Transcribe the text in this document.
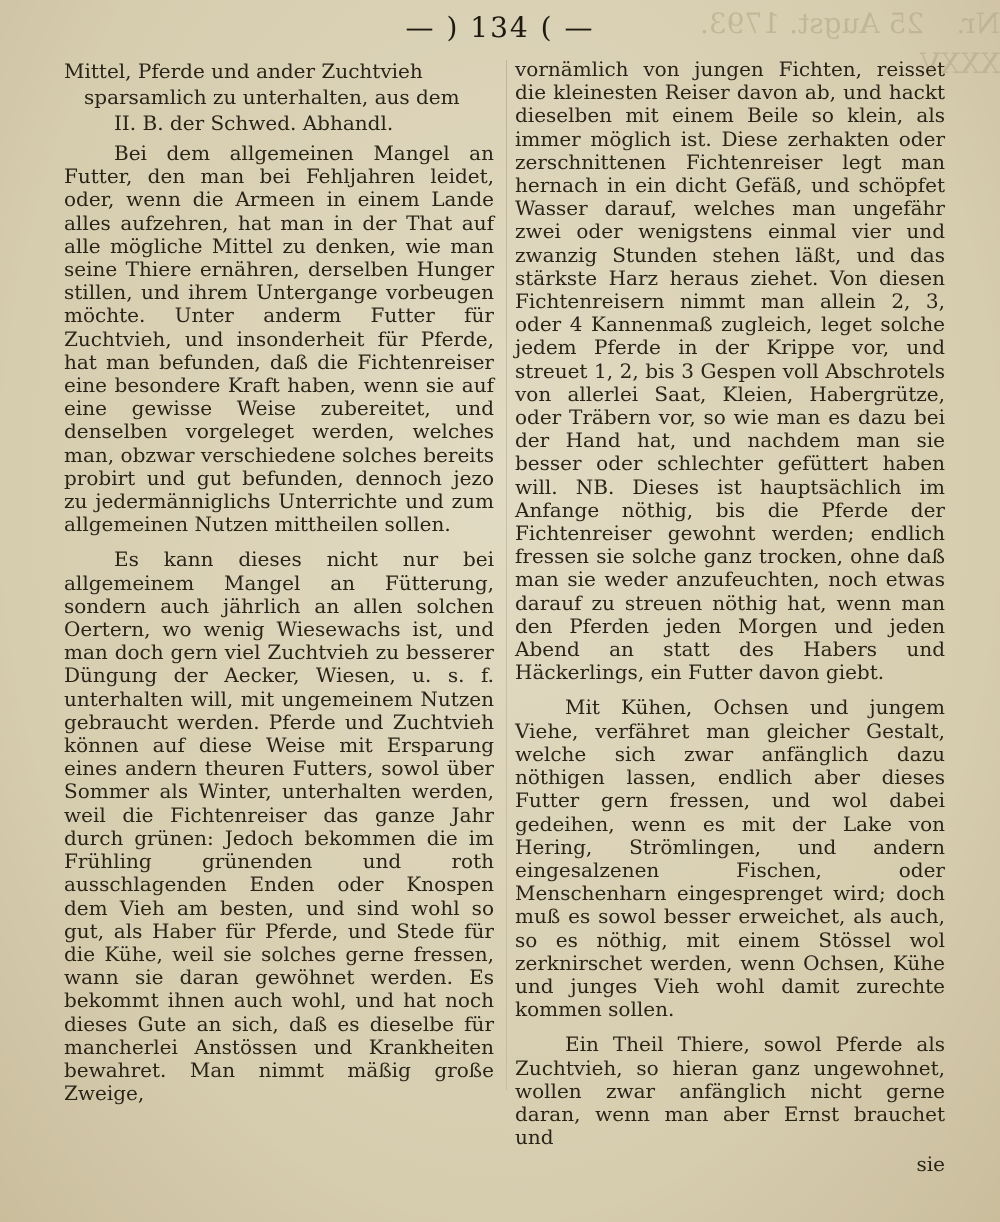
— ) 134 ( —	25 Augst. 1793.	Nr. XXXV.
Mittel, Pferde und ander Zuchtvieh
sparsamlich zu unterhalten, aus dem
II. B. der Schwed. Abhandl.

Bei dem allgemeinen Mangel an Futter, den man bei Fehljahren leidet, oder, wenn die Armeen in einem Lande alles aufzehren, hat man in der That auf alle mögliche Mittel zu denken, wie man seine Thiere ernähren, derselben Hunger stillen, und ihrem Untergange vorbeugen möchte. Unter anderm Futter für Zuchtvieh, und insonderheit für Pferde, hat man befunden, daß die Fichtenreiser eine besondere Kraft haben, wenn sie auf eine gewisse Weise zubereitet, und denselben vorgeleget werden, welches man, obzwar verschiedene solches bereits probirt und gut befunden, dennoch jezo zu jedermänniglichs Unterrichte und zum allgemeinen Nutzen mittheilen sollen.

Es kann dieses nicht nur bei allgemeinem Mangel an Fütterung, sondern auch jährlich an allen solchen Oertern, wo wenig Wiesewachs ist, und man doch gern viel Zuchtvieh zu besserer Düngung der Aecker, Wiesen, u. s. f. unterhalten will, mit ungemeinem Nutzen gebraucht werden. Pferde und Zuchtvieh können auf diese Weise mit Ersparung eines andern theuren Futters, sowol über Sommer als Winter, unterhalten werden, weil die Fichtenreiser das ganze Jahr durch grünen: Jedoch bekommen die im Frühling grünenden und roth ausschlagenden Enden oder Knospen dem Vieh am besten, und sind wohl so gut, als Haber für Pferde, und Stede für die Kühe, weil sie solches gerne fressen, wann sie daran gewöhnet werden. Es bekommt ihnen auch wohl, und hat noch dieses Gute an sich, daß es dieselbe für mancherlei Anstössen und Krankheiten bewahret. Man nimmt mäßig große Zweige,

vornämlich von jungen Fichten, reisset die kleinesten Reiser davon ab, und hackt dieselben mit einem Beile so klein, als immer möglich ist. Diese zerhakten oder zerschnittenen Fichtenreiser legt man hernach in ein dicht Gefäß, und schöpfet Wasser darauf, welches man ungefähr zwei oder wenigstens einmal vier und zwanzig Stunden stehen läßt, und das stärkste Harz heraus ziehet. Von diesen Fichtenreisern nimmt man allein 2, 3, oder 4 Kannenmaß zugleich, leget solche jedem Pferde in der Krippe vor, und streuet 1, 2, bis 3 Gespen voll Abschrotels von allerlei Saat, Kleien, Habergrütze, oder Träbern vor, so wie man es dazu bei der Hand hat, und nachdem man sie besser oder schlechter gefüttert haben will. NB. Dieses ist hauptsächlich im Anfange nöthig, bis die Pferde der Fichtenreiser gewohnt werden; endlich fressen sie solche ganz trocken, ohne daß man sie weder anzufeuchten, noch etwas darauf zu streuen nöthig hat, wenn man den Pferden jeden Morgen und jeden Abend an statt des Habers und Häckerlings, ein Futter davon giebt.

Mit Kühen, Ochsen und jungem Viehe, verfähret man gleicher Gestalt, welche sich zwar anfänglich dazu nöthigen lassen, endlich aber dieses Futter gern fressen, und wol dabei gedeihen, wenn es mit der Lake von Hering, Strömlingen, und andern eingesalzenen Fischen, oder Menschenharn eingesprenget wird; doch muß es sowol besser erweichet, als auch, so es nöthig, mit einem Stössel wol zerknirschet werden, wenn Ochsen, Kühe und junges Vieh wohl damit zurechte kommen sollen.

Ein Theil Thiere, sowol Pferde als Zuchtvieh, so hieran ganz ungewohnet, wollen zwar anfänglich nicht gerne daran, wenn man aber Ernst brauchet und

sie
